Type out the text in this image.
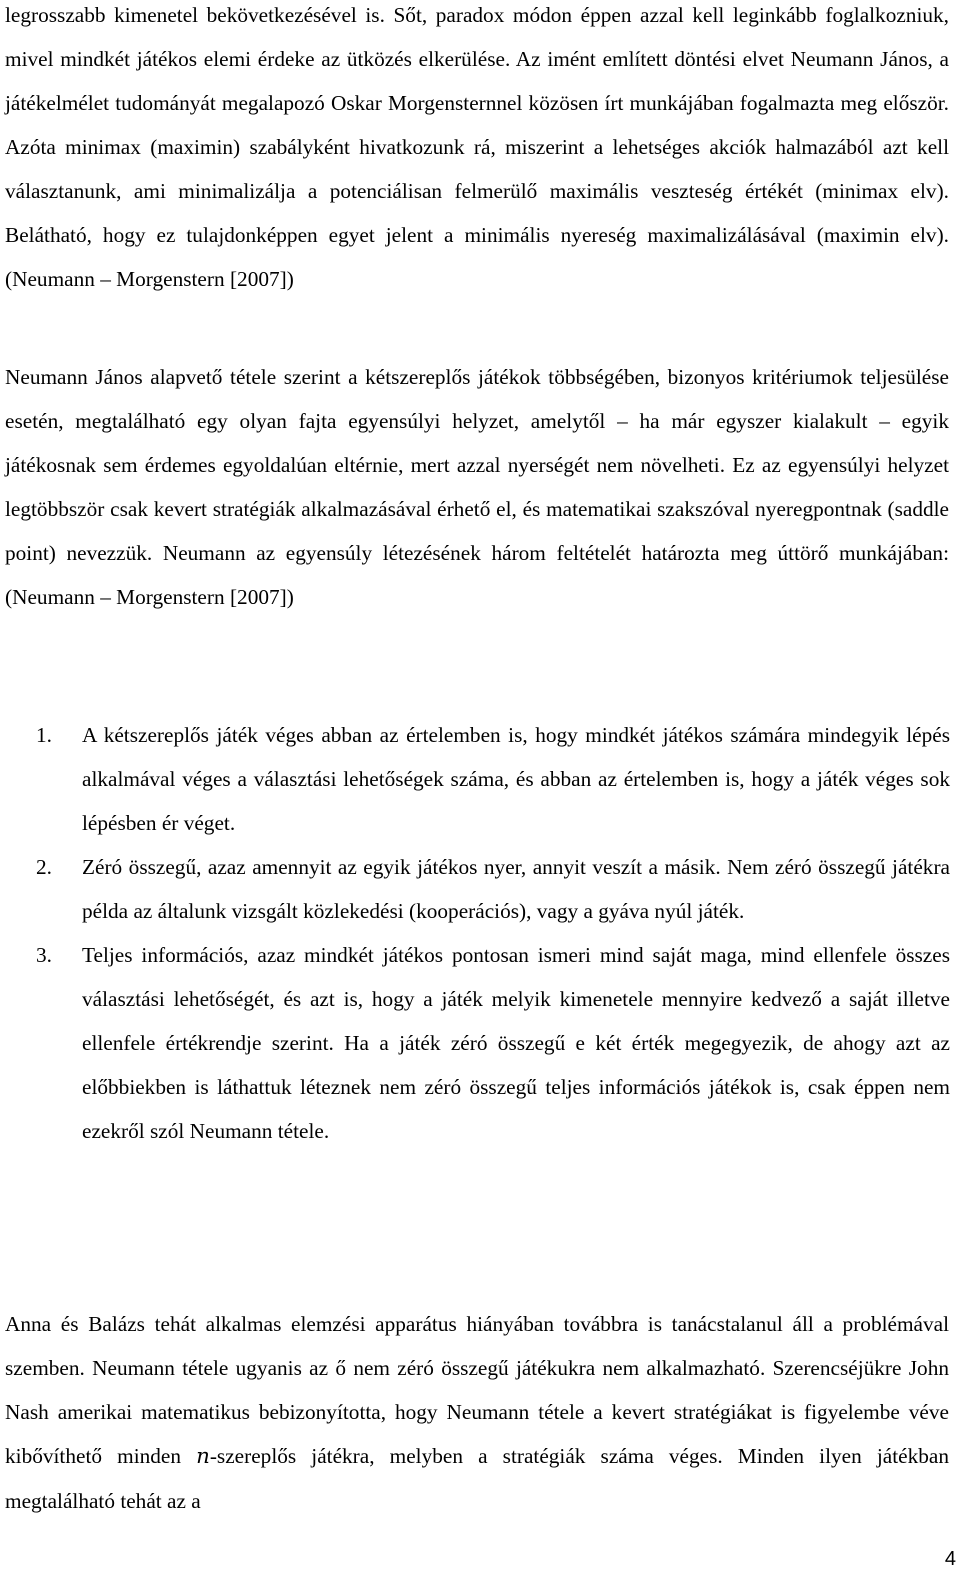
legrosszabb kimenetel bekövetkezésével is. Sőt, paradox módon éppen azzal kell leginkább foglalkozniuk, mivel mindkét játékos elemi érdeke az ütközés elkerülése. Az imént említett döntési elvet Neumann János, a játékelmélet tudományát megalapozó Oskar Morgensternnel közösen írt munkájában fogalmazta meg először. Azóta minimax (maximin) szabályként hivatkozunk rá, miszerint a lehetséges akciók halmazából azt kell választanunk, ami minimalizálja a potenciálisan felmerülő maximális veszteség értékét (minimax elv). Belátható, hogy ez tulajdonképpen egyet jelent a minimális nyereség maximalizálásával (maximin elv). (Neumann – Morgenstern [2007])

Neumann János alapvető tétele szerint a kétszereplős játékok többségében, bizonyos kritériumok teljesülése esetén, megtalálható egy olyan fajta egyensúlyi helyzet, amelytől – ha már egyszer kialakult – egyik játékosnak sem érdemes egyoldalúan eltérnie, mert azzal nyerségét nem növelheti. Ez az egyensúlyi helyzet legtöbbször csak kevert stratégiák alkalmazásával érhető el, és matematikai szakszóval nyeregpontnak (saddle point) nevezzük. Neumann az egyensúly létezésének három feltételét határozta meg úttörő munkájában: (Neumann – Morgenstern [2007])

1. A kétszereplős játék véges abban az értelemben is, hogy mindkét játékos számára mindegyik lépés alkalmával véges a választási lehetőségek száma, és abban az értelemben is, hogy a játék véges sok lépésben ér véget.
2. Zéró összegű, azaz amennyit az egyik játékos nyer, annyit veszít a másik. Nem zéró összegű játékra példa az általunk vizsgált közlekedési (kooperációs), vagy a gyáva nyúl játék.
3. Teljes információs, azaz mindkét játékos pontosan ismeri mind saját maga, mind ellenfele összes választási lehetőségét, és azt is, hogy a játék melyik kimenetele mennyire kedvező a saját illetve ellenfele értékrendje szerint. Ha a játék zéró összegű e két érték megegyezik, de ahogy azt az előbbiekben is láthattuk léteznek nem zéró összegű teljes információs játékok is, csak éppen nem ezekről szól Neumann tétele.

Anna és Balázs tehát alkalmas elemzési apparátus hiányában továbbra is tanácstalanul áll a problémával szemben. Neumann tétele ugyanis az ő nem zéró összegű játékukra nem alkalmazható. Szerencséjükre John Nash amerikai matematikus bebizonyította, hogy Neumann tétele a kevert stratégiákat is figyelembe véve kibővíthető minden n-szereplős játékra, melyben a stratégiák száma véges. Minden ilyen játékban megtalálható tehát az a

4
